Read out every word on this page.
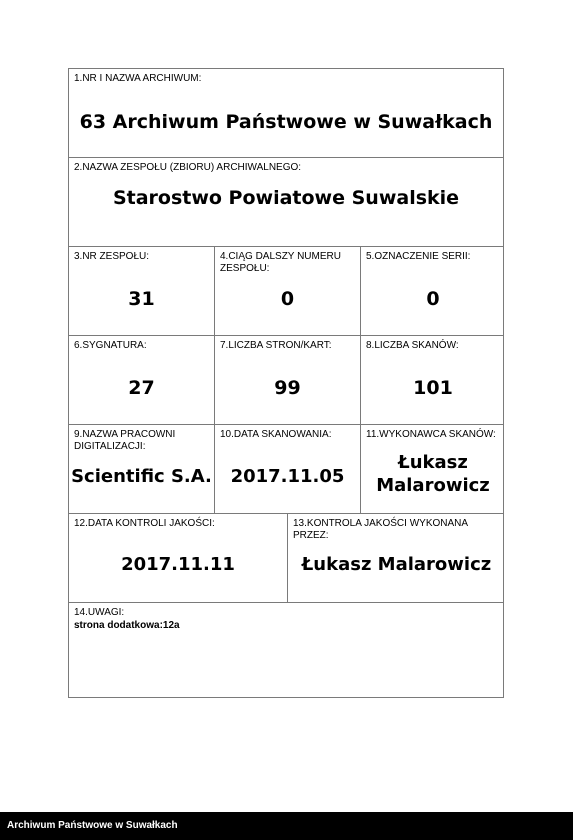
1.NR I NAZWA ARCHIWUM:
63 Archiwum Państwowe w Suwałkach
2.NAZWA ZESPOŁU (ZBIORU) ARCHIWALNEGO:
Starostwo Powiatowe Suwalskie
3.NR ZESPOŁU:
31
4.CIĄG DALSZY NUMERU ZESPOŁU:
0
5.OZNACZENIE SERII:
0
6.SYGNATURA:
27
7.LICZBA STRON/KART:
99
8.LICZBA SKANÓW:
101
9.NAZWA PRACOWNI DIGITALIZACJI:
Scientific S.A.
10.DATA SKANOWANIA:
2017.11.05
11.WYKONAWCA SKANÓW:
Łukasz
Malarowicz
12.DATA KONTROLI JAKOŚCI:
2017.11.11
13.KONTROLA JAKOŚCI WYKONANA PRZEZ:
Łukasz Malarowicz
14.UWAGI:
strona dodatkowa:12a
Archiwum Państwowe w Suwałkach
